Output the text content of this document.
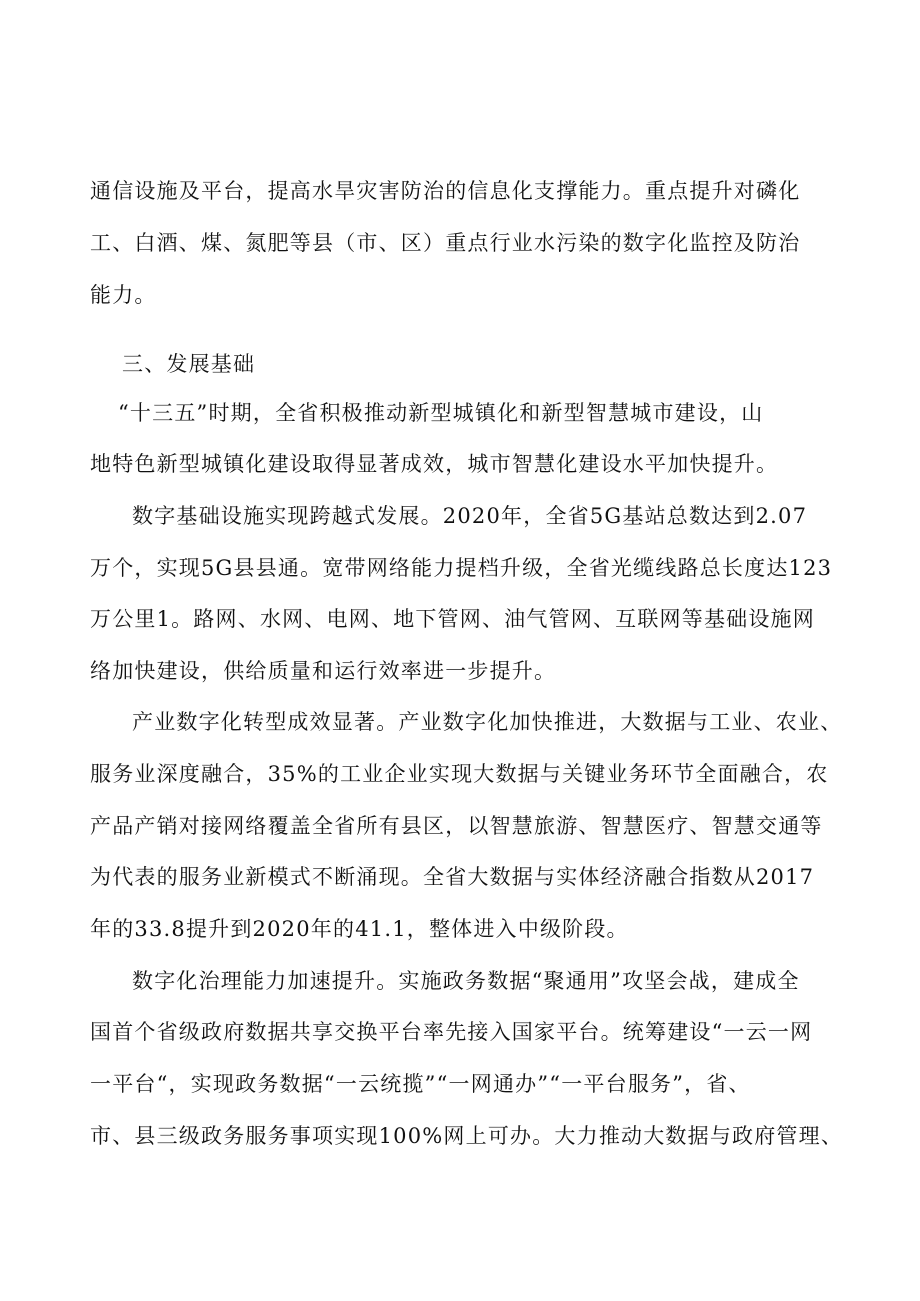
通信设施及平台，提高水旱灾害防治的信息化支撑能力。重点提升对磷化

工、白酒、煤、氮肥等县（市、区）重点行业水污染的数字化监控及防治

能力。

三、发展基础

“十三五”时期，全省积极推动新型城镇化和新型智慧城市建设，山

地特色新型城镇化建设取得显著成效，城市智慧化建设水平加快提升。

数字基础设施实现跨越式发展。2020年，全省5G基站总数达到2.07

万个，实现5G县县通。宽带网络能力提档升级，全省光缆线路总长度达123

万公里1。路网、水网、电网、地下管网、油气管网、互联网等基础设施网

络加快建设，供给质量和运行效率进一步提升。

产业数字化转型成效显著。产业数字化加快推进，大数据与工业、农业、

服务业深度融合，35%的工业企业实现大数据与关键业务环节全面融合，农

产品产销对接网络覆盖全省所有县区，以智慧旅游、智慧医疗、智慧交通等

为代表的服务业新模式不断涌现。全省大数据与实体经济融合指数从2017

年的33.8提升到2020年的41.1，整体进入中级阶段。

数字化治理能力加速提升。实施政务数据“聚通用”攻坚会战，建成全

国首个省级政府数据共享交换平台率先接入国家平台。统筹建设“一云一网

一平台“，实现政务数据“一云统揽”“一网通办”“一平台服务”，省、

市、县三级政务服务事项实现100%网上可办。大力推动大数据与政府管理、
